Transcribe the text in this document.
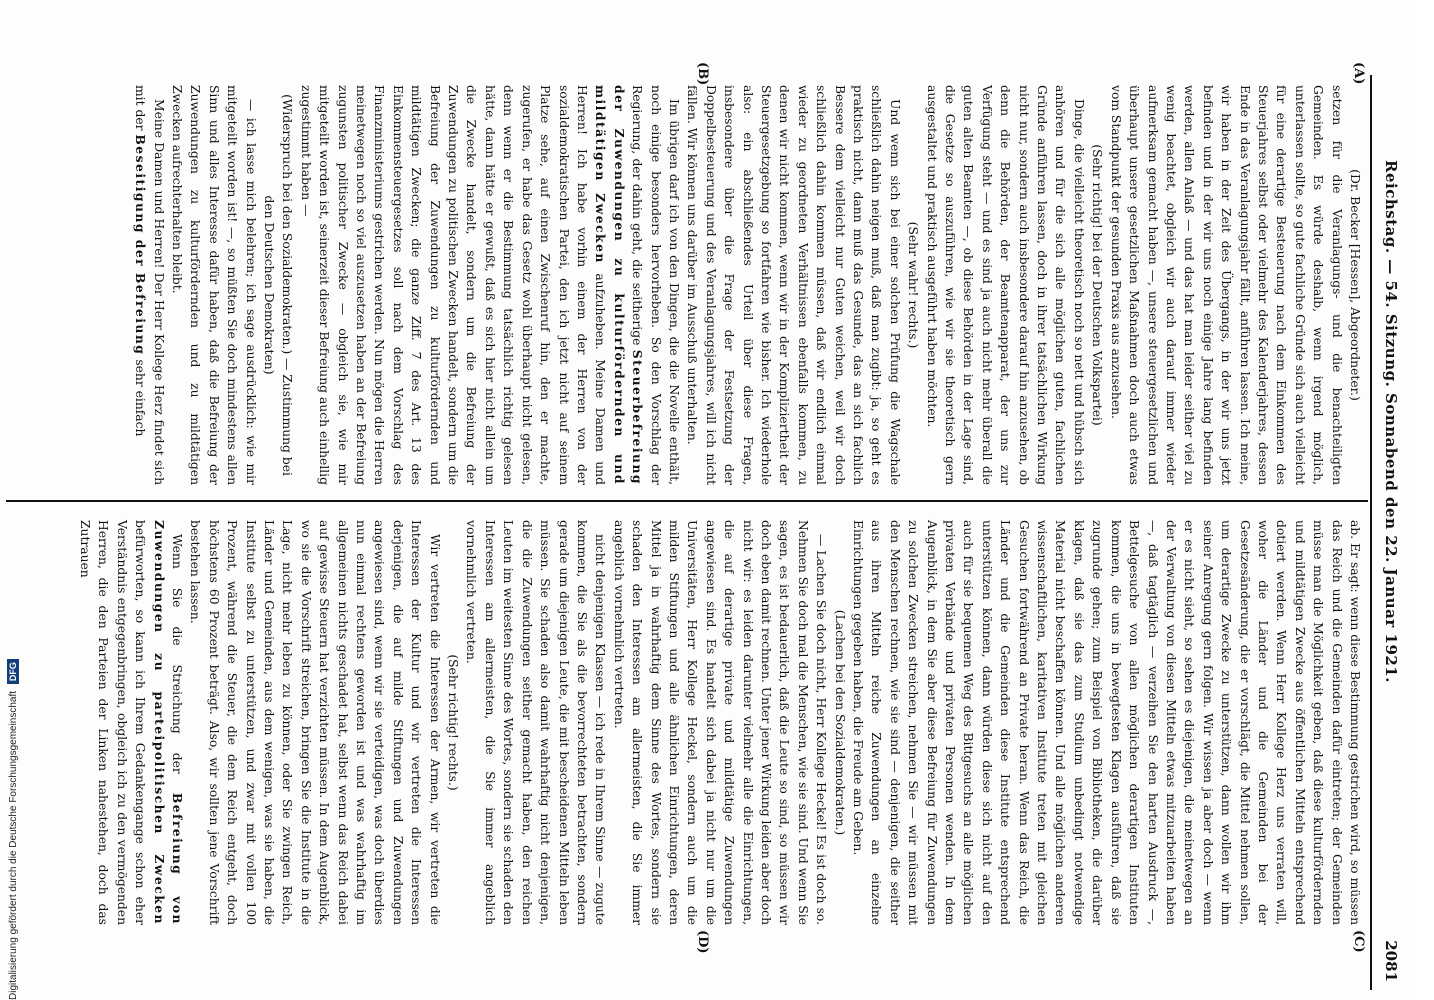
Reichstag. — 54. Sitzung. Sonnabend den 22. Januar 1921.
2081
(A)
(B)
(C)
(D)

(Dr. Becker [Hessen], Abgeordneter.)

setzen für die Veranlagungs- und die benachteiligten Gemeinden. Es würde deshalb, wenn irgend möglich, unterlassen sollte, so gute fachliche Gründe sich auch vielleicht für eine derartige Besteuerung nach dem Einkommen des Steuerjahres selbst oder vielmehr des Kalenderjahres, dessen Ende in das Veranlagungsjahr fällt, anführen lassen. Ich meine, wir haben in der Zeit des Übergangs, in der wir uns jetzt befinden und in der wir uns noch einige Jahre lang befinden werden, allen Anlaß — und das hat man leider seither viel zu wenig beachtet, obgleich wir auch darauf immer wieder aufmerksam gemacht haben —, unsere steuergesetzlichen und überhaupt unsere gesetzlichen Maßnahmen doch auch etwas vom Standpunkt der gesunden Praxis aus anzusehen.

(Sehr richtig! bei der Deutschen Volkspartei)

Dinge, die vielleicht theoretisch noch so nett und hübsch sich anhören und für die sich alle möglichen guten, fachlichen Gründe anführen lassen, doch in ihrer tatsächlichen Wirkung nicht nur, sondern auch insbesondere darauf hin anzusehen, ob denn die Behörden, der Beamtenapparat, der uns zur Verfügung steht — und es sind ja auch nicht mehr überall die guten alten Beamten —, ob diese Behörden in der Lage sind, die Gesetze so auszuführen, wie wir sie theoretisch gern ausgestaltet und praktisch ausgeführt haben möchten.

(Sehr wahr! rechts.)

Und wenn sich bei einer solchen Prüfung die Wagschale schließlich dahin neigen muß, daß man zugibt: ja, so geht es praktisch nicht, dann muß das Gesunde, das an sich fachlich Bessere dem vielleicht nur Guten weichen, weil wir doch schließlich dahin kommen müssen, daß wir endlich einmal wieder zu geordneten Verhältnissen ebenfalls kommen, zu denen wir nicht kommen, wenn wir in der Kompliziertheit der Steuergesetzgebung so fortfahren wie bisher. Ich wiederhole also: ein abschließendes Urteil über diese Fragen, insbesondere über die Frage der Festsetzung der Doppelbesteuerung und des Veranlagungsjahres, will ich nicht fällen. Wir können uns darüber im Ausschuß unterhalten.

Im übrigen darf ich von den Dingen, die die Novelle enthält, noch einige besonders hervorheben. So den Vorschlag der Regierung, der dahin geht, die seitherige Steuerbefreiung der Zuwendungen zu kulturfördernden und mildtätigen Zwecken aufzuheben. Meine Damen und Herren! Ich habe vorhin einem der Herren von der sozialdemokratischen Partei, den ich jetzt nicht auf seinem Platze sehe, auf einen Zwischenruf hin, den er machte, zugerufen, er habe das Gesetz wohl überhaupt nicht gelesen, denn wenn er die Bestimmung tatsächlich richtig gelesen hätte, dann hätte er gewußt, daß es sich hier nicht allein um die Zwecke handelt, sondern um die Befreiung der Zuwendungen zu politischen Zwecken handelt, sondern um die Befreiung der Zuwendungen zu kulturfördernden und mildtätigen Zwecken; die ganze Ziff. 7 des Art. 13 des Einkommensteuergesetzes soll nach dem Vorschlag des Finanzministeriums gestrichen werden. Nun mögen die Herren meinetwegen noch so viel auszusetzen haben an der Befreiung zugunsten politischer Zwecke — obgleich sie, wie mir mitgeteilt worden ist, seinerzeit dieser Befreiung auch einhellig zugestimmt haben —

(Widerspruch bei den Sozialdemokraten.) — Zustimmung bei den Deutschen Demokraten)

— ich lasse mich belehren; ich sage ausdrücklich: wie mir mitgeteilt worden ist! —, so müßten Sie doch mindestens allen Sinn und alles Interesse dafür haben, daß die Befreiung der Zuwendungen zu kulturfördernden und zu mildtätigen Zwecken aufrechterhalten bleibt.

Meine Damen und Herren! Der Herr Kollege Herz findet sich mit der Beseitigung der Befreiung sehr einfach

ab. Er sagt: wenn diese Bestimmung gestrichen wird, so müssen das Reich und die Gemeinden dafür eintreten; der Gemeinden müsse man die Möglichkeit geben, daß diese kulturfördernden und mildtätigen Zwecke aus öffentlichen Mitteln entsprechend dotiert werden. Wenn Herr Kollege Herz uns verraten will, woher die Länder und die Gemeinden bei der Gesetzesänderung, die er vorschlägt, die Mittel nehmen sollen, um derartige Zwecke zu unterstützen, dann wollen wir ihm seiner Anregung gern folgen. Wir wissen ja aber doch — wenn er es nicht sieht, so sehen es diejenigen, die meinetwegen an der Verwaltung von diesen Mitteln etwas mitzuarbeiten haben —, daß tagtäglich — verzeihen Sie den harten Ausdruck —, Bettelgesuche von allen möglichen derartigen Instituten kommen, die uns in bewegtesten Klagen ausführen, daß sie zugrunde gehen; zum Beispiel von Bibliotheken, die darüber klagen, daß sie das zum Studium unbedingt notwendige Material nicht beschaffen können. Und alle möglichen anderen wissenschaftlichen, karitativen Institute treten mit gleichen Gesuchen fortwährend an Private heran. Wenn das Reich, die Länder und die Gemeinden diese Institute entsprechend unterstützen können, dann würden diese sich nicht auf den auch für sie bequemen Weg des Bittgesuchs an alle möglichen privaten Verbände und privaten Personen wenden. In dem Augenblick, in dem Sie aber diese Befreiung für Zuwendungen zu solchen Zwecken streichen, nehmen Sie — wir müssen mit den Menschen rechnen, wie sie sind — denjenigen, die seither aus ihren Mitteln reiche Zuwendungen an einzelne Einrichtungen gegeben haben, die Freude am Geben.

(Lachen bei den Sozialdemokraten.)

— Lachen Sie doch nicht, Herr Kollege Heckel! Es ist doch so. Nehmen Sie doch mal die Menschen, wie sie sind. Und wenn Sie sagen, es ist bedauerlich, daß die Leute so sind, so müssen wir doch eben damit rechnen. Unter jener Wirkung leiden aber doch nicht wir: es leiden darunter vielmehr alle die Einrichtungen, die auf derartige private und mildtätige Zuwendungen angewiesen sind. Es handelt sich dabei ja nicht nur um die Universitäten, Herr Kollege Heckel, sondern auch um die milden Stiftungen und alle ähnlichen Einrichtungen, deren Mittel ja in wahrhaftig dem Sinne des Wortes, sondern sie schaden den Interessen am allermeisten, die Sie immer angeblich vornehmlich vertreten.

nicht denjenigen Klassen — ich rede in Ihrem Sinne — zugute kommen, die Sie als die bevorrechteten betrachten, sondern gerade um diejenigen Leute, die mit bescheidenen Mitteln leben müssen. Sie schaden also damit wahrhaftig nicht denjenigen, die die Zuwendungen seither gemacht haben, den reichen Leuten im weitesten Sinne des Wortes, sondern sie schaden den Interessen am allermeisten, die Sie immer angeblich vornehmlich vertreten.

(Sehr richtig! rechts.)

Wir vertreten die Interessen der Armen, wir vertreten die Interessen der Kultur und wir vertreten die Interessen derjenigen, die auf milde Stiftungen und Zuwendungen angewiesen sind, wenn wir sie verteidigen, was doch überdies nun einmal rechtens geworden ist und was wahrhaftig im allgemeinen nichts geschadet hat, selbst wenn das Reich dabei auf gewisse Steuern hat verzichten müssen. In dem Augenblick, wo sie die Vorschrift streichen, bringen Sie die Institute in die Lage, nicht mehr leben zu können, oder Sie zwingen Reich, Länder und Gemeinden, aus dem wenigen, was sie haben, die Institute selbst zu unterstützen, und zwar mit vollen 100 Prozent, während die Steuer, die dem Reich entgeht, doch höchstens 60 Prozent beträgt. Also, wir sollten jene Vorschrift bestehen lassen.

Wenn Sie die Streichung der Befreiung von Zuwendungen zu parteipolitischen Zwecken befürworten, so kann ich Ihrem Gedankengange schon eher Verständnis entgegenbringen, obgleich ich zu den vermögenden Herren, die den Parteien der Linken nahestehen, doch das Zutrauen

Digitalisierung gefördert durch die Deutsche Forschungsgemeinschaft DFG
